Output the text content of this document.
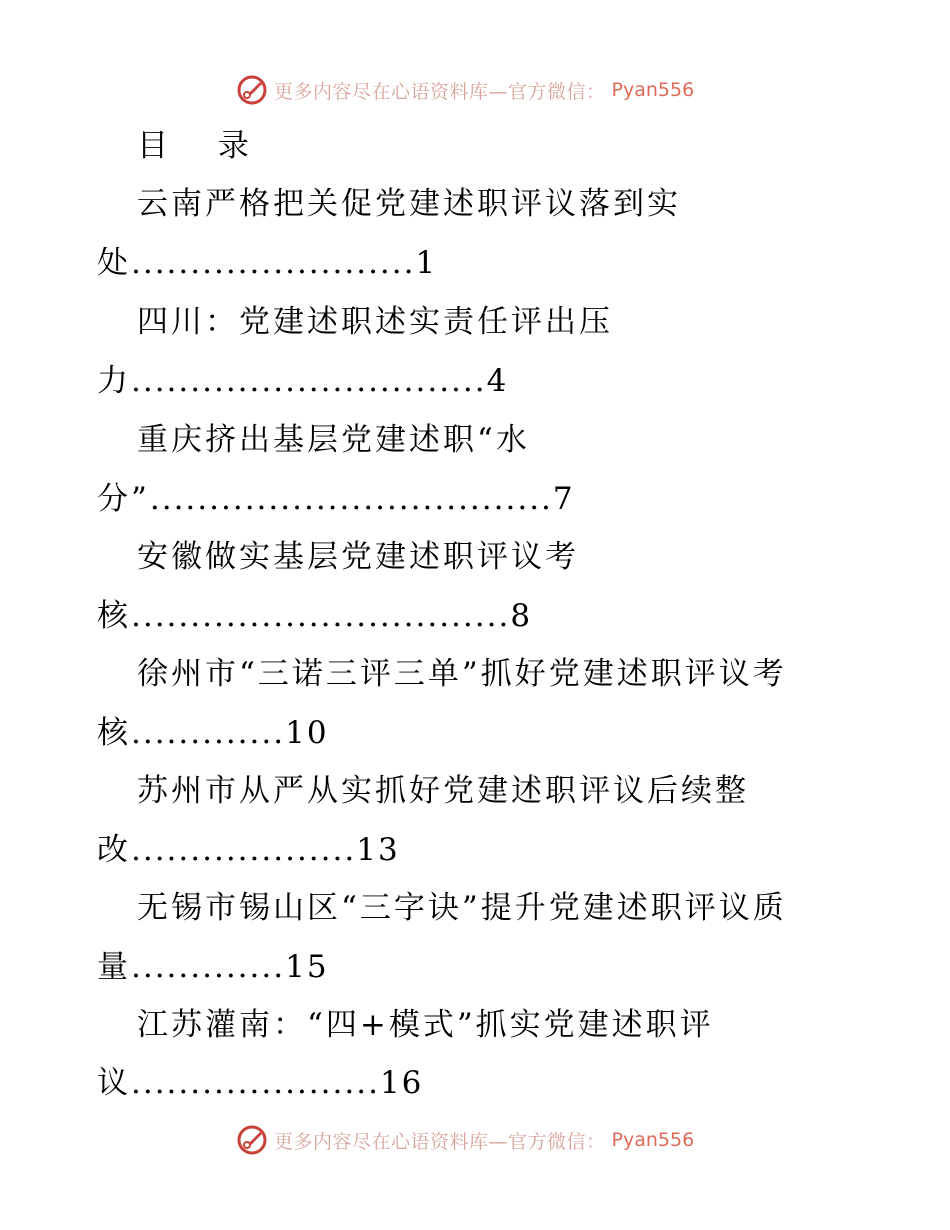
更多内容尽在心语资料库—官方微信： Pyan556
目 录
云南严格把关促党建述职评议落到实
处........................1
四川：党建述职述实责任评出压
力..............................4
重庆挤出基层党建述职“水
分”..................................7
安徽做实基层党建述职评议考
核................................8
徐州市“三诺三评三单”抓好党建述职评议考
核.............10
苏州市从严从实抓好党建述职评议后续整
改...................13
无锡市锡山区“三字诀”提升党建述职评议质
量.............15
江苏灌南：“四+模式”抓实党建述职评
议.....................16
更多内容尽在心语资料库—官方微信： Pyan556
